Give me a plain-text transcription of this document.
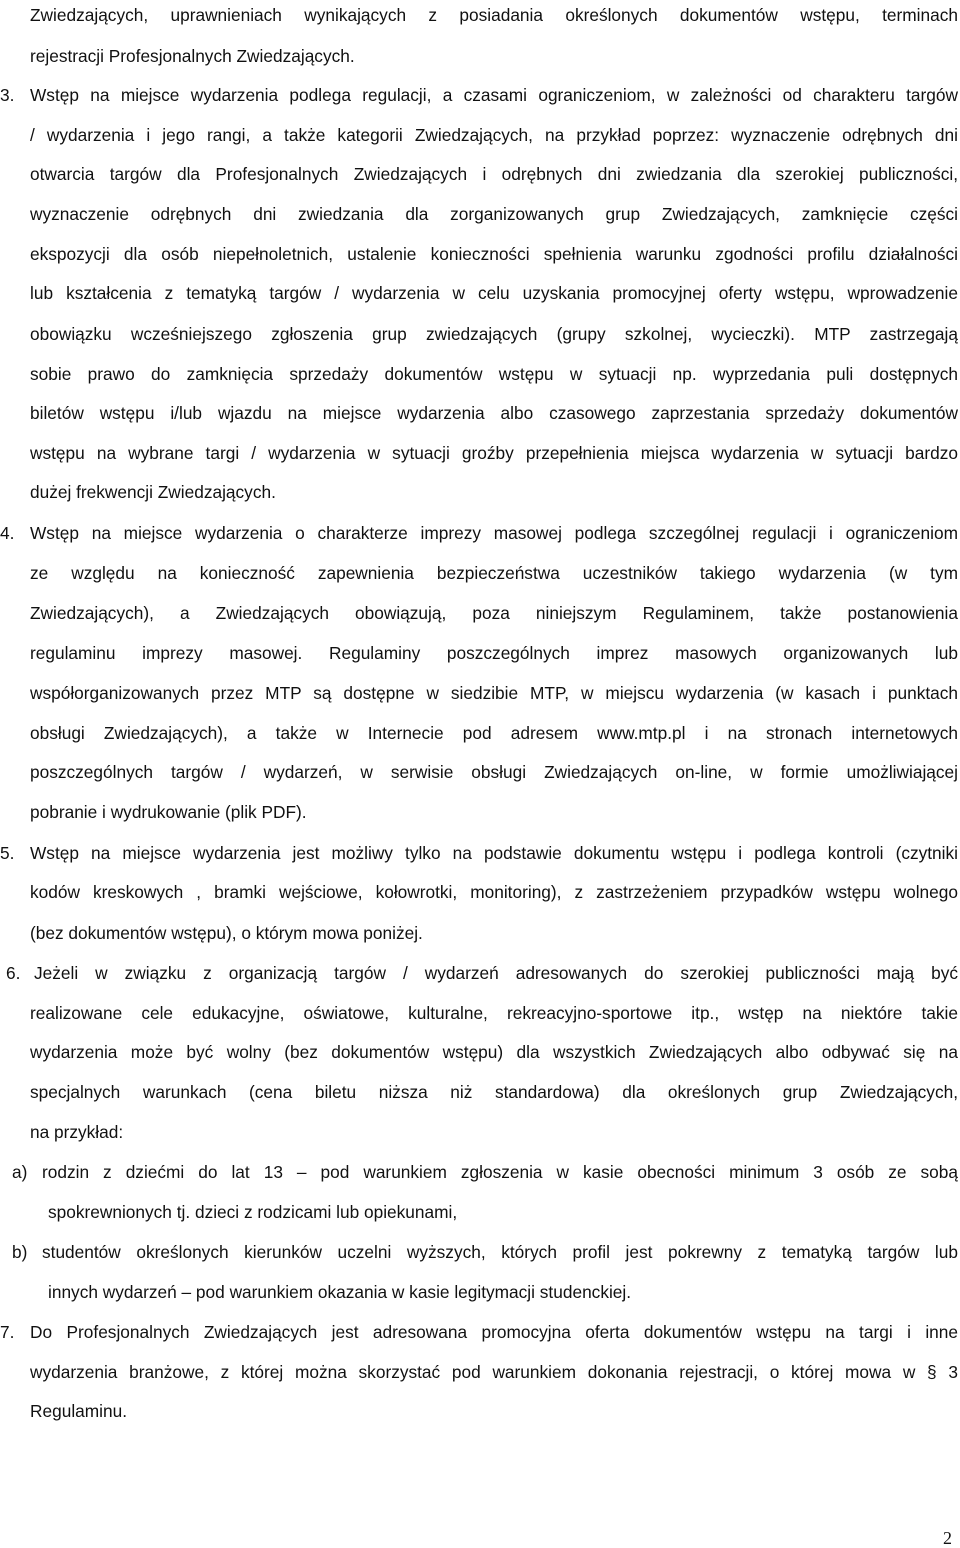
Zwiedzających, uprawnieniach wynikających z posiadania określonych dokumentów wstępu, terminach
rejestracji Profesjonalnych Zwiedzających.
3. Wstęp na miejsce wydarzenia podlega regulacji, a czasami ograniczeniom, w zależności od charakteru targów
/ wydarzenia i jego rangi, a także kategorii Zwiedzających, na przykład poprzez: wyznaczenie odrębnych dni
otwarcia targów dla Profesjonalnych Zwiedzających i odrębnych dni zwiedzania dla szerokiej publiczności,
wyznaczenie odrębnych dni zwiedzania dla zorganizowanych grup Zwiedzających, zamknięcie części
ekspozycji dla osób niepełnoletnich, ustalenie konieczności spełnienia warunku zgodności profilu działalności
lub kształcenia z tematyką targów / wydarzenia w celu uzyskania promocyjnej oferty wstępu, wprowadzenie
obowiązku wcześniejszego zgłoszenia grup zwiedzających (grupy szkolnej, wycieczki). MTP zastrzegają
sobie prawo do zamknięcia sprzedaży dokumentów wstępu w sytuacji np. wyprzedania puli dostępnych
biletów wstępu i/lub wjazdu na miejsce wydarzenia albo czasowego zaprzestania sprzedaży dokumentów
wstępu na wybrane targi / wydarzenia w sytuacji groźby przepełnienia miejsca wydarzenia w sytuacji bardzo
dużej frekwencji Zwiedzających.
4. Wstęp na miejsce wydarzenia o charakterze imprezy masowej podlega szczególnej regulacji i ograniczeniom
ze względu na konieczność zapewnienia bezpieczeństwa uczestników takiego wydarzenia (w tym
Zwiedzających), a Zwiedzających obowiązują, poza niniejszym Regulaminem, także postanowienia
regulaminu imprezy masowej. Regulaminy poszczególnych imprez masowych organizowanych lub
współorganizowanych przez MTP są dostępne w siedzibie MTP, w miejscu wydarzenia (w kasach i punktach
obsługi Zwiedzających), a także w Internecie pod adresem www.mtp.pl i na stronach internetowych
poszczególnych targów / wydarzeń, w serwisie obsługi Zwiedzających on-line, w formie umożliwiającej
pobranie i wydrukowanie (plik PDF).
5. Wstęp na miejsce wydarzenia jest możliwy tylko na podstawie dokumentu wstępu i podlega kontroli (czytniki
kodów kreskowych , bramki wejściowe, kołowrotki, monitoring), z zastrzeżeniem przypadków wstępu wolnego
(bez dokumentów wstępu), o którym mowa poniżej.
6. Jeżeli w związku z organizacją targów / wydarzeń adresowanych do szerokiej publiczności mają być
realizowane cele edukacyjne, oświatowe, kulturalne, rekreacyjno-sportowe itp., wstęp na niektóre takie
wydarzenia może być wolny (bez dokumentów wstępu) dla wszystkich Zwiedzających albo odbywać się na
specjalnych warunkach (cena biletu niższa niż standardowa) dla określonych grup Zwiedzających,
na przykład:
a) rodzin z dziećmi do lat 13 – pod warunkiem zgłoszenia w kasie obecności minimum 3 osób ze sobą
spokrewnionych tj. dzieci z rodzicami lub opiekunami,
b) studentów określonych kierunków uczelni wyższych, których profil jest pokrewny z tematyką targów lub
innych wydarzeń – pod warunkiem okazania w kasie legitymacji studenckiej.
7. Do Profesjonalnych Zwiedzających jest adresowana promocyjna oferta dokumentów wstępu na targi i inne
wydarzenia branżowe, z której można skorzystać pod warunkiem dokonania rejestracji, o której mowa w § 3
Regulaminu.
2
